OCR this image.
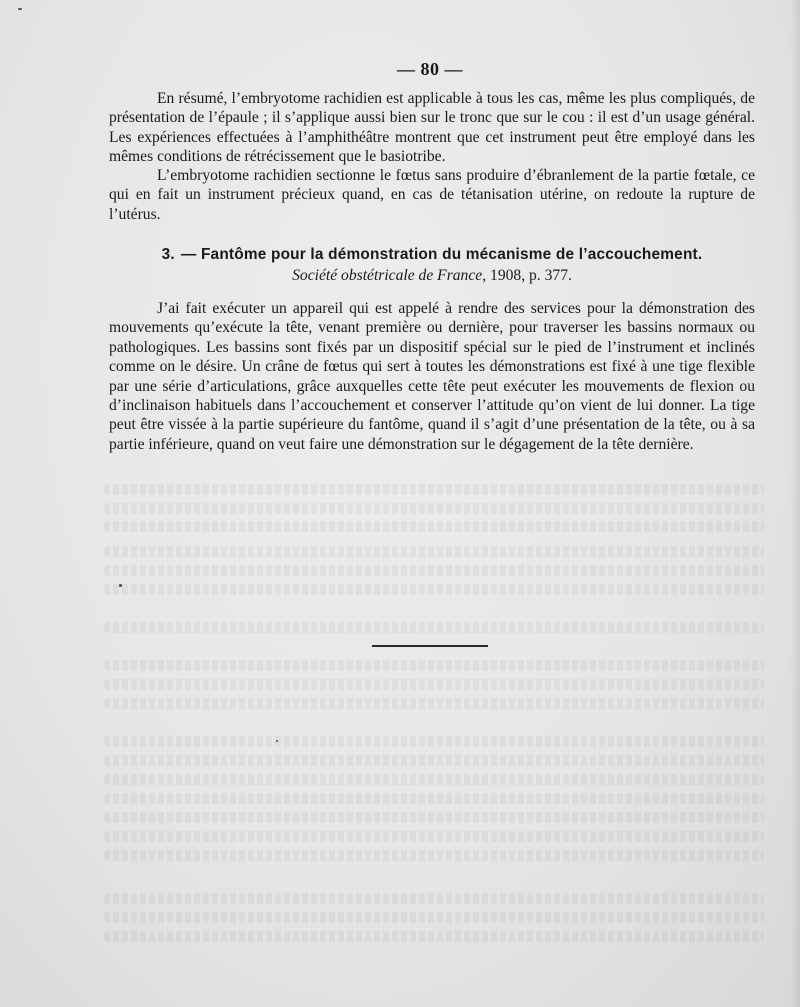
— 80 —

En résumé, l’embryotome rachidien est applicable à tous les cas, même les plus compliqués, de présentation de l’épaule ; il s’applique aussi bien sur le tronc que sur le cou : il est d’un usage général. Les expériences effectuées à l’amphithéâtre montrent que cet instrument peut être employé dans les mêmes conditions de rétrécissement que le basiotribe.

L’embryotome rachidien sectionne le fœtus sans produire d’ébranlement de la partie fœtale, ce qui en fait un instrument précieux quand, en cas de tétanisation utérine, on redoute la rupture de l’utérus.

3. — Fantôme pour la démonstration du mécanisme de l’accouchement.
Société obstétricale de France, 1908, p. 377.

J’ai fait exécuter un appareil qui est appelé à rendre des services pour la démonstration des mouvements qu’exécute la tête, venant première ou dernière, pour traverser les bassins normaux ou pathologiques. Les bassins sont fixés par un dispositif spécial sur le pied de l’instrument et inclinés comme on le désire. Un crâne de fœtus qui sert à toutes les démonstrations est fixé à une tige flexible par une série d’articulations, grâce auxquelles cette tête peut exécuter les mouvements de flexion ou d’inclinaison habituels dans l’accouchement et conserver l’attitude qu’on vient de lui donner. La tige peut être vissée à la partie supérieure du fantôme, quand il s’agit d’une présentation de la tête, ou à sa partie inférieure, quand on veut faire une démonstration sur le dégagement de la tête dernière.
